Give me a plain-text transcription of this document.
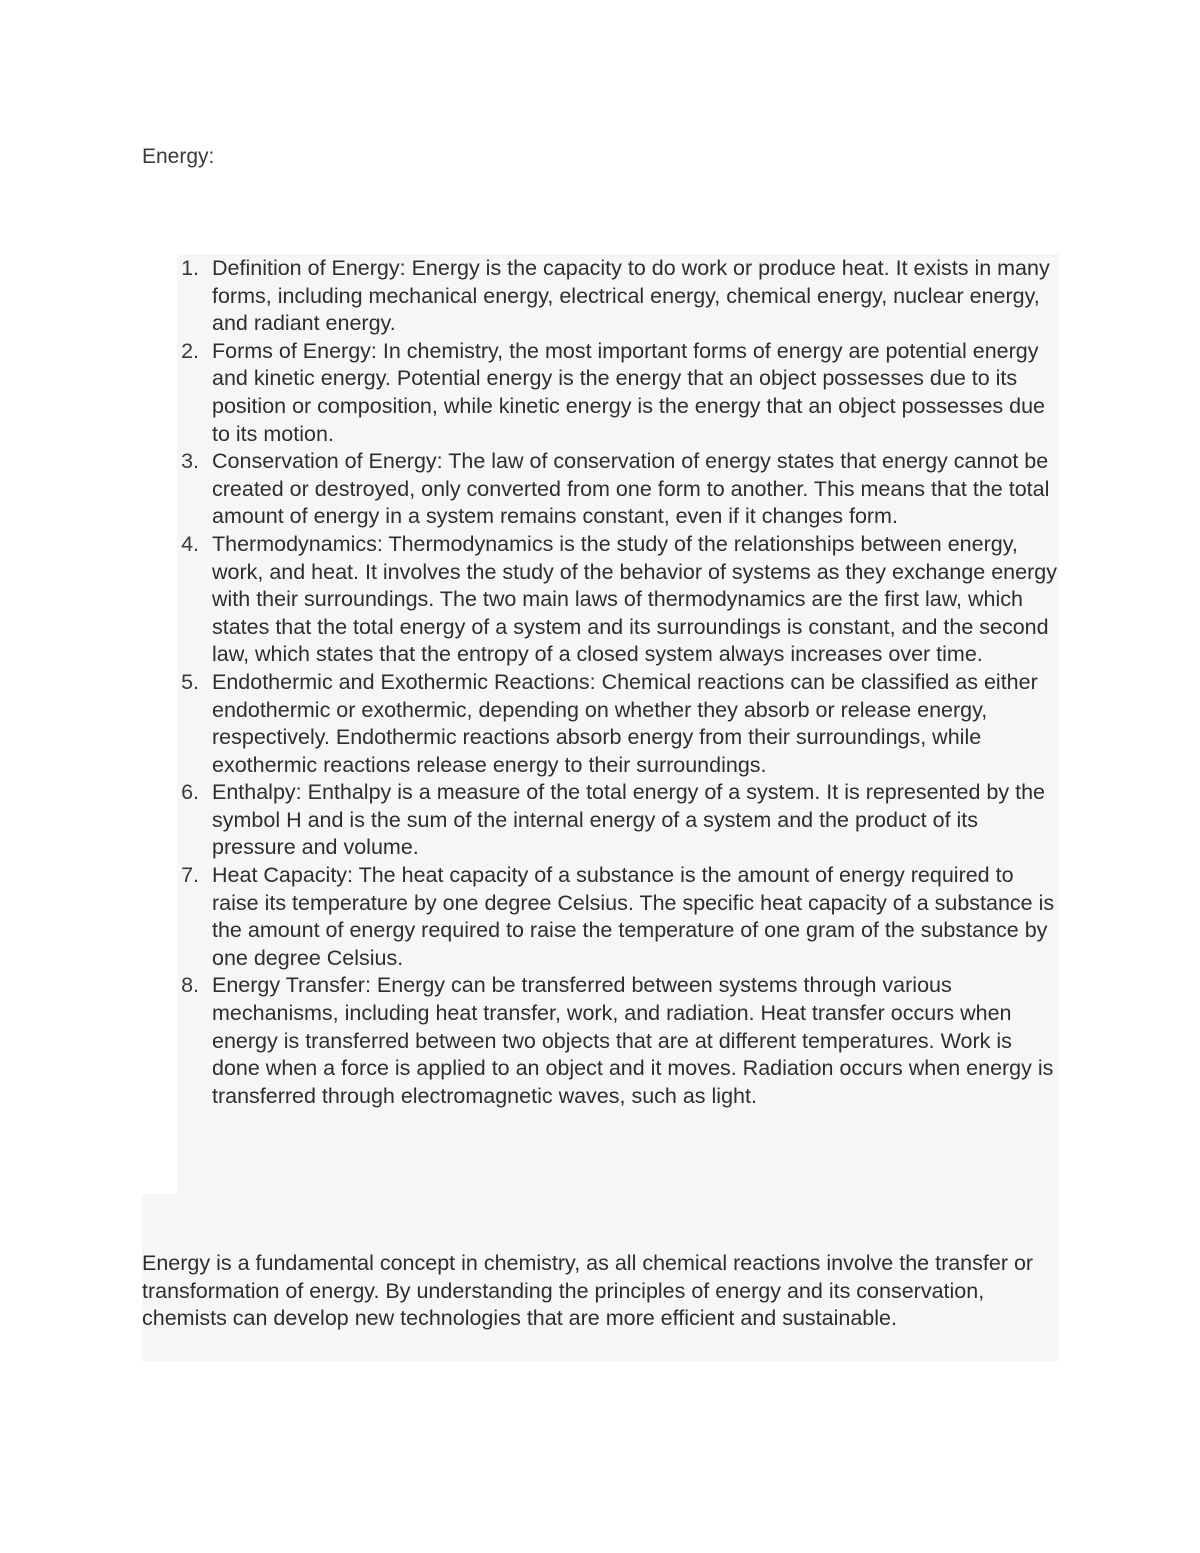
Energy:
1. Definition of Energy: Energy is the capacity to do work or produce heat. It exists in many forms, including mechanical energy, electrical energy, chemical energy, nuclear energy, and radiant energy.
2. Forms of Energy: In chemistry, the most important forms of energy are potential energy and kinetic energy. Potential energy is the energy that an object possesses due to its position or composition, while kinetic energy is the energy that an object possesses due to its motion.
3. Conservation of Energy: The law of conservation of energy states that energy cannot be created or destroyed, only converted from one form to another. This means that the total amount of energy in a system remains constant, even if it changes form.
4. Thermodynamics: Thermodynamics is the study of the relationships between energy, work, and heat. It involves the study of the behavior of systems as they exchange energy with their surroundings. The two main laws of thermodynamics are the first law, which states that the total energy of a system and its surroundings is constant, and the second law, which states that the entropy of a closed system always increases over time.
5. Endothermic and Exothermic Reactions: Chemical reactions can be classified as either endothermic or exothermic, depending on whether they absorb or release energy, respectively. Endothermic reactions absorb energy from their surroundings, while exothermic reactions release energy to their surroundings.
6. Enthalpy: Enthalpy is a measure of the total energy of a system. It is represented by the symbol H and is the sum of the internal energy of a system and the product of its pressure and volume.
7. Heat Capacity: The heat capacity of a substance is the amount of energy required to raise its temperature by one degree Celsius. The specific heat capacity of a substance is the amount of energy required to raise the temperature of one gram of the substance by one degree Celsius.
8. Energy Transfer: Energy can be transferred between systems through various mechanisms, including heat transfer, work, and radiation. Heat transfer occurs when energy is transferred between two objects that are at different temperatures. Work is done when a force is applied to an object and it moves. Radiation occurs when energy is transferred through electromagnetic waves, such as light.

Energy is a fundamental concept in chemistry, as all chemical reactions involve the transfer or transformation of energy. By understanding the principles of energy and its conservation, chemists can develop new technologies that are more efficient and sustainable.
